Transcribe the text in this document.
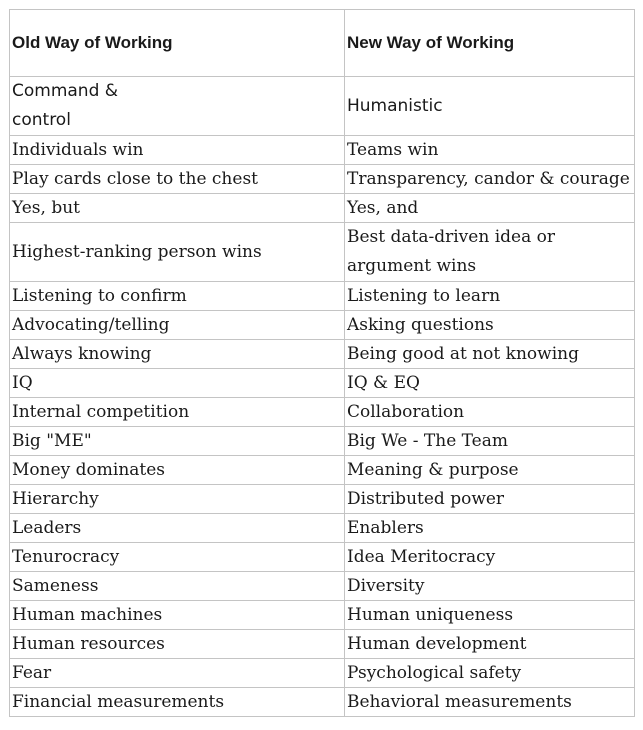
Old Way of Working	New Way of Working

Command & control	Humanistic

Individuals win	Teams win

Play cards close to the chest	Transparency, candor & courage

Yes, but	Yes, and

Highest-ranking person wins	Best data-driven idea or argument wins

Listening to confirm	Listening to learn

Advocating/telling	Asking questions

Always knowing	Being good at not knowing

IQ	IQ & EQ

Internal competition	Collaboration

Big "ME"	Big We - The Team

Money dominates	Meaning & purpose

Hierarchy	Distributed power

Leaders	Enablers

Tenurocracy	Idea Meritocracy

Sameness	Diversity

Human machines	Human uniqueness

Human resources	Human development

Fear	Psychological safety

Financial measurements	Behavioral measurements
